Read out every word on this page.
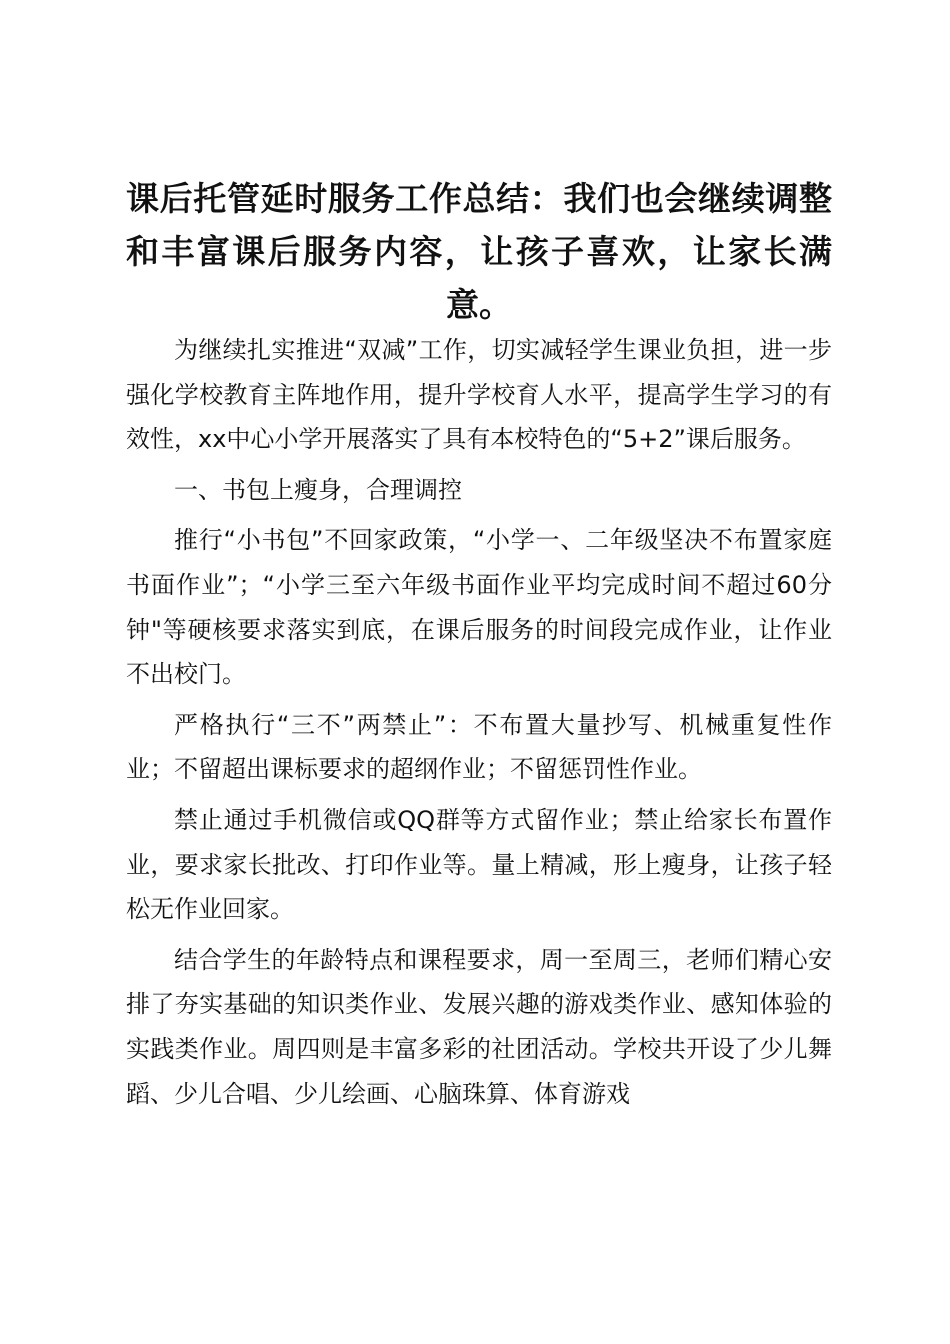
课后托管延时服务工作总结：我们也会继续调整和丰富课后服务内容，让孩子喜欢，让家长满意。

为继续扎实推进“双减”工作，切实减轻学生课业负担，进一步强化学校教育主阵地作用，提升学校育人水平，提高学生学习的有效性，xx中心小学开展落实了具有本校特色的“5+2”课后服务。

一、书包上瘦身，合理调控

推行“小书包”不回家政策，“小学一、二年级坚决不布置家庭书面作业”；“小学三至六年级书面作业平均完成时间不超过60分钟"等硬核要求落实到底，在课后服务的时间段完成作业，让作业不出校门。

严格执行“三不”两禁止”：不布置大量抄写、机械重复性作业；不留超出课标要求的超纲作业；不留惩罚性作业。

禁止通过手机微信或QQ群等方式留作业；禁止给家长布置作业，要求家长批改、打印作业等。量上精减，形上瘦身，让孩子轻松无作业回家。

结合学生的年龄特点和课程要求，周一至周三，老师们精心安排了夯实基础的知识类作业、发展兴趣的游戏类作业、感知体验的实践类作业。周四则是丰富多彩的社团活动。学校共开设了少儿舞蹈、少儿合唱、少儿绘画、心脑珠算、体育游戏
